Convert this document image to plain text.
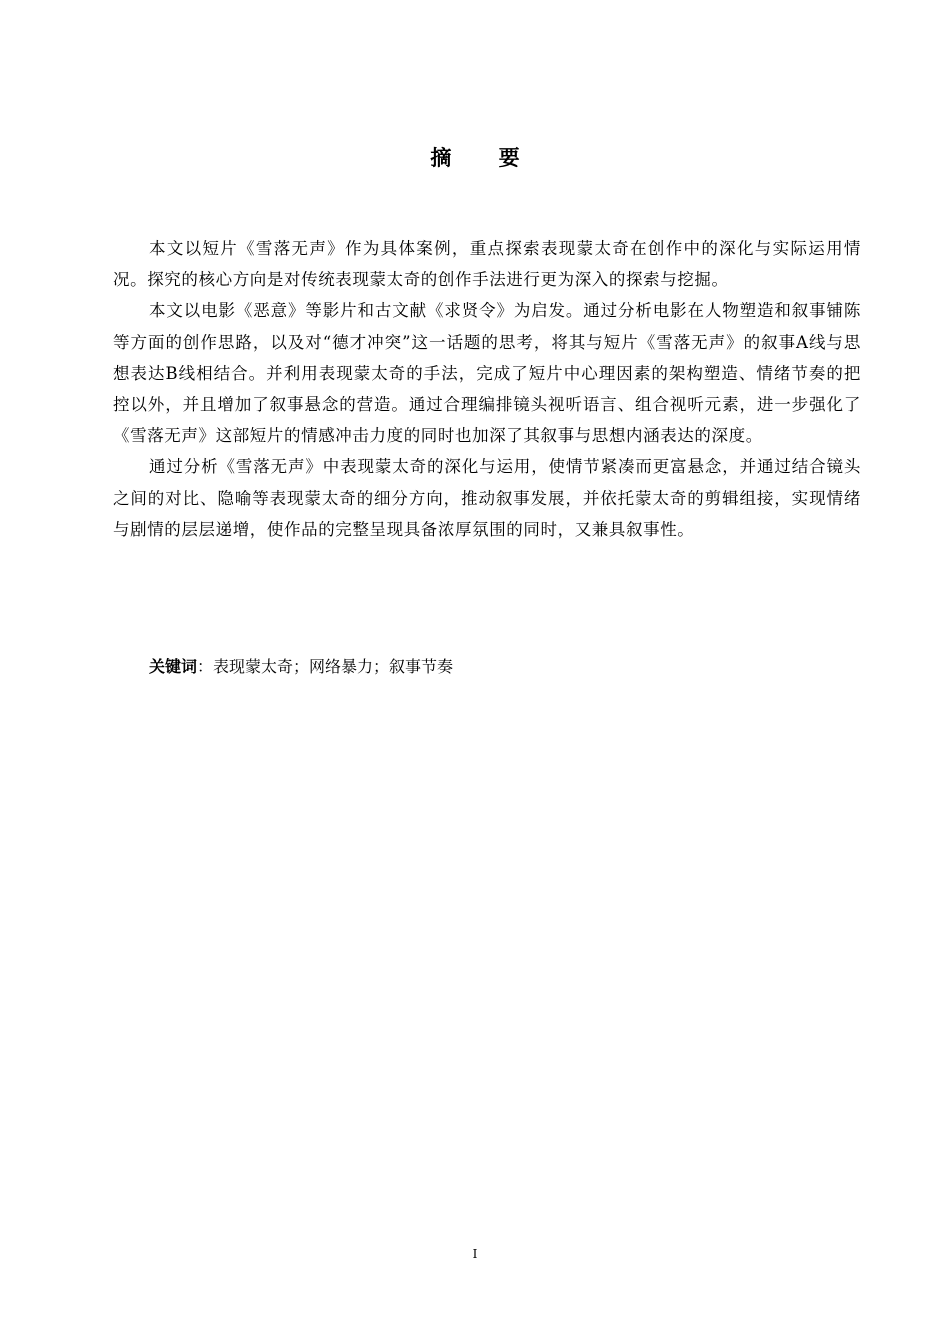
摘 要

本文以短片《雪落无声》作为具体案例，重点探索表现蒙太奇在创作中的深化与实际运用情况。探究的核心方向是对传统表现蒙太奇的创作手法进行更为深入的探索与挖掘。

本文以电影《恶意》等影片和古文献《求贤令》为启发。通过分析电影在人物塑造和叙事铺陈等方面的创作思路，以及对“德才冲突”这一话题的思考，将其与短片《雪落无声》的叙事A线与思想表达B线相结合。并利用表现蒙太奇的手法，完成了短片中心理因素的架构塑造、情绪节奏的把控以外，并且增加了叙事悬念的营造。通过合理编排镜头视听语言、组合视听元素，进一步强化了《雪落无声》这部短片的情感冲击力度的同时也加深了其叙事与思想内涵表达的深度。

通过分析《雪落无声》中表现蒙太奇的深化与运用，使情节紧凑而更富悬念，并通过结合镜头之间的对比、隐喻等表现蒙太奇的细分方向，推动叙事发展，并依托蒙太奇的剪辑组接，实现情绪与剧情的层层递增，使作品的完整呈现具备浓厚氛围的同时，又兼具叙事性。

关键词：表现蒙太奇；网络暴力；叙事节奏
I
